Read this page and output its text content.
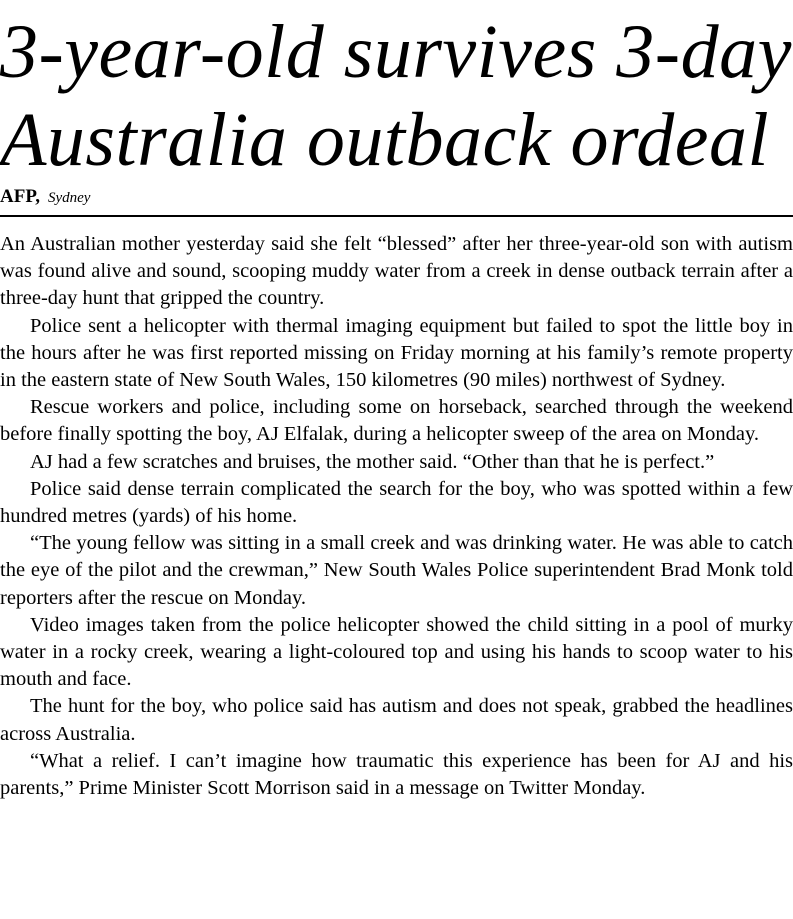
3-year-old survives 3-day
Australia outback ordeal
AFP, Sydney

An Australian mother yesterday said she felt “blessed” after her three-year-old son with autism was found alive and sound, scooping muddy water from a creek in dense outback terrain after a three-day hunt that gripped the country.

Police sent a helicopter with thermal imaging equipment but failed to spot the little boy in the hours after he was first reported missing on Friday morning at his family’s remote property in the eastern state of New South Wales, 150 kilometres (90 miles) northwest of Sydney.

Rescue workers and police, including some on horseback, searched through the weekend before finally spotting the boy, AJ Elfalak, during a helicopter sweep of the area on Monday.

AJ had a few scratches and bruises, the mother said. “Other than that he is perfect.”

Police said dense terrain complicated the search for the boy, who was spotted within a few hundred metres (yards) of his home.

“The young fellow was sitting in a small creek and was drinking water. He was able to catch the eye of the pilot and the crewman,” New South Wales Police superintendent Brad Monk told reporters after the rescue on Monday.

Video images taken from the police helicopter showed the child sitting in a pool of murky water in a rocky creek, wearing a light-coloured top and using his hands to scoop water to his mouth and face.

The hunt for the boy, who police said has autism and does not speak, grabbed the headlines across Australia.

“What a relief. I can’t imagine how traumatic this experience has been for AJ and his parents,” Prime Minister Scott Morrison said in a message on Twitter Monday.
